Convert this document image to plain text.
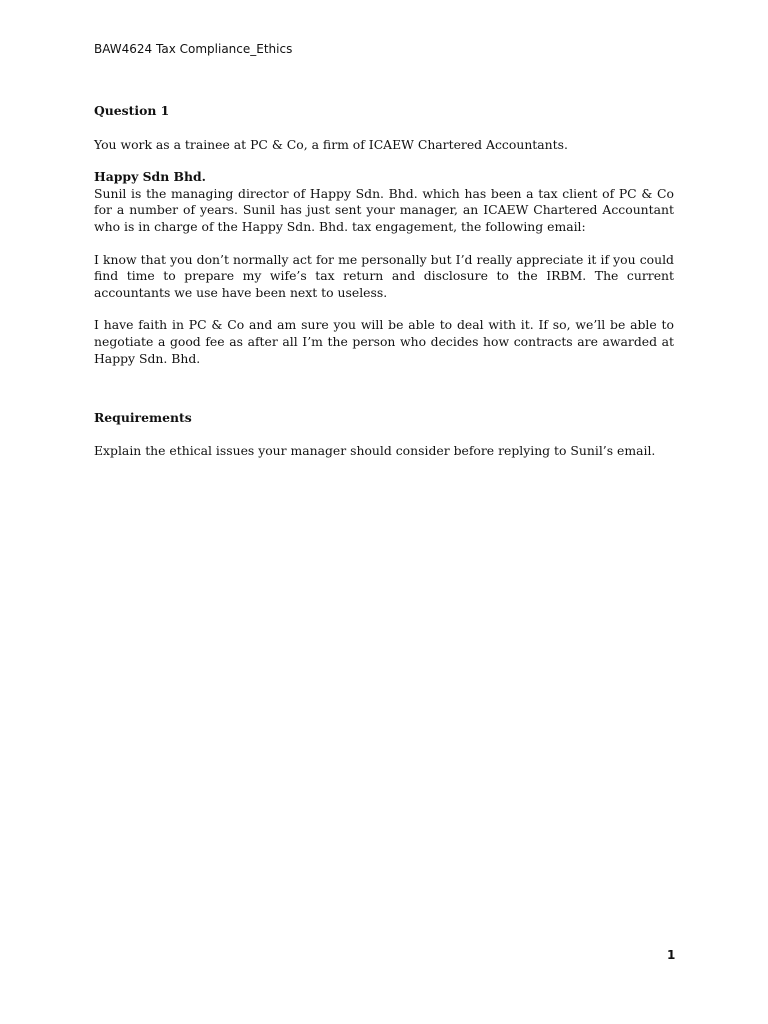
BAW4624 Tax Compliance_Ethics

Question 1

You work as a trainee at PC & Co, a firm of ICAEW Chartered Accountants.

Happy Sdn Bhd.

Sunil is the managing director of Happy Sdn. Bhd. which has been a tax client of PC & Co for a number of years. Sunil has just sent your manager, an ICAEW Chartered Accountant who is in charge of the Happy Sdn. Bhd. tax engagement, the following email:

I know that you don’t normally act for me personally but I’d really appreciate it if you could find time to prepare my wife’s tax return and disclosure to the IRBM. The current accountants we use have been next to useless.

I have faith in PC & Co and am sure you will be able to deal with it. If so, we’ll be able to negotiate a good fee as after all I’m the person who decides how contracts are awarded at Happy Sdn. Bhd.

Requirements

Explain the ethical issues your manager should consider before replying to Sunil’s email.

1
